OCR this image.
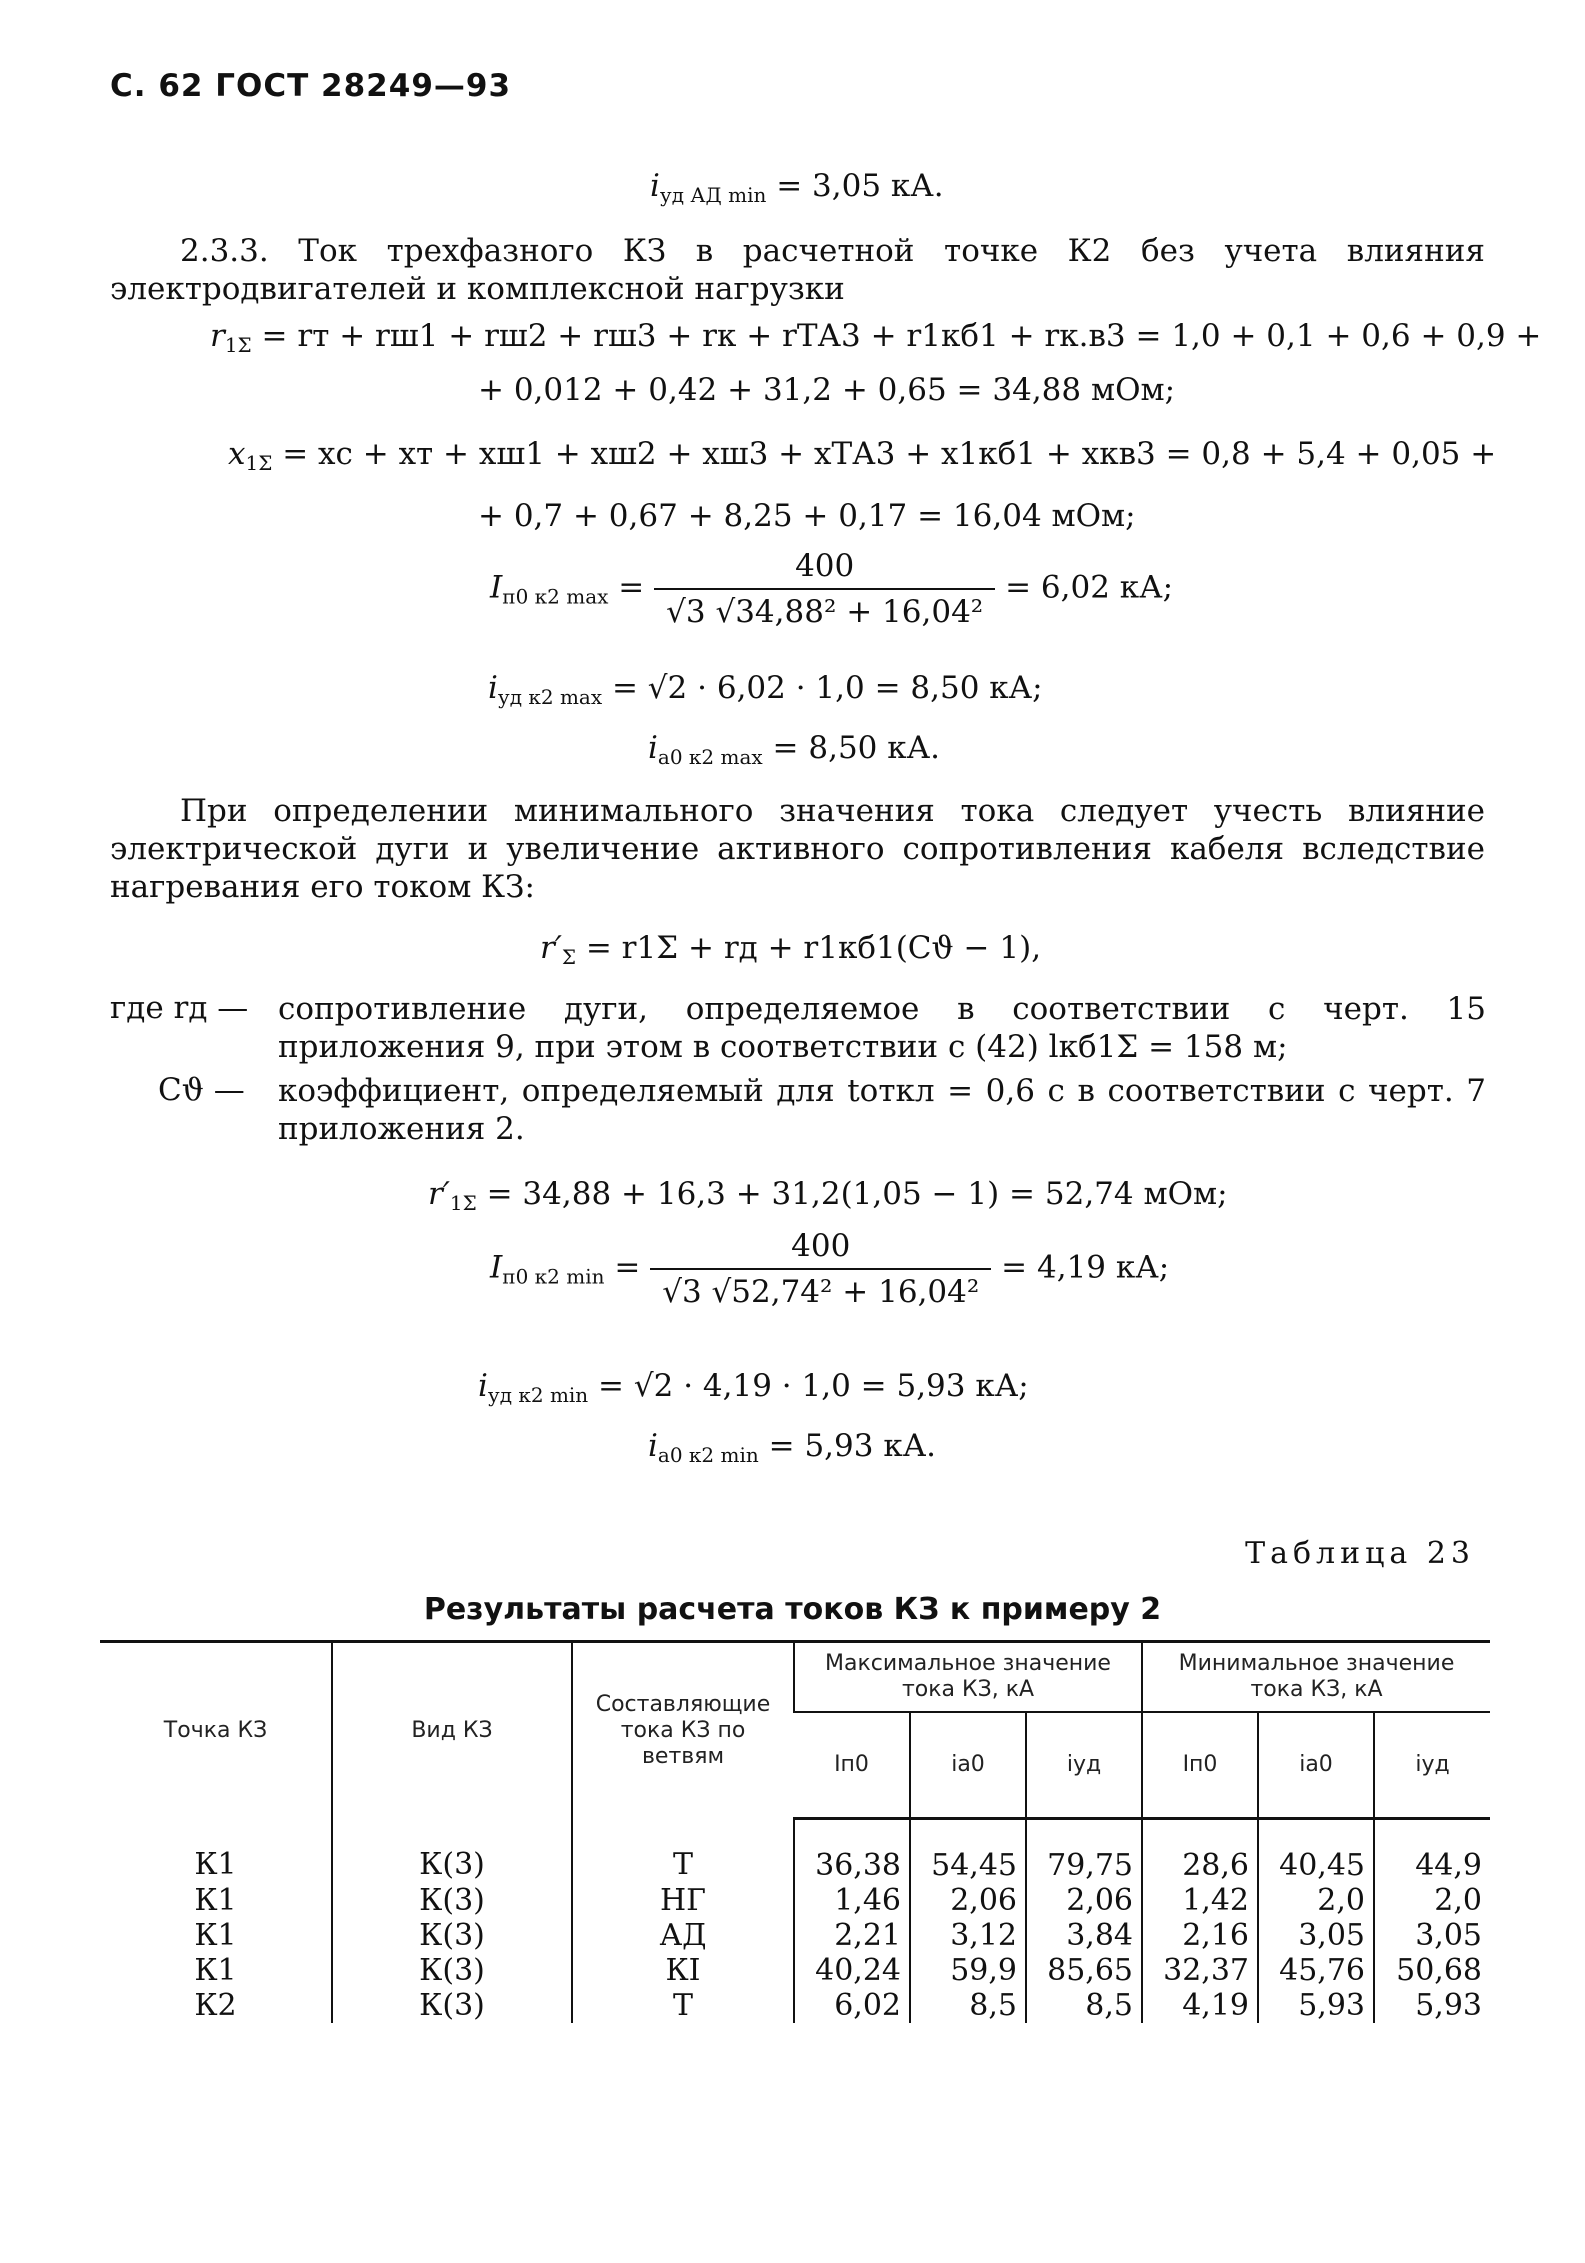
С. 62 ГОСТ 28249—93
$i_{уд АД min} = 3,05$ кА.
2.3.3. Ток трехфазного КЗ в расчетной точке К2 без учета влияния электродвигателей и комплексной нагрузки
$r_{1\Sigma}$ = rт + rш1 + rш2 + rш3 + rк + rТА3 + r1кб1 + rк.в3 = 1,0 + 0,1 + 0,6 + 0,9 +
+ 0,012 + 0,42 + 31,2 + 0,65 = 34,88 мОм;
$x_{1\Sigma}$ = xс + xт + xш1 + xш2 + xш3 + xТА3 + x1кб1 + xкв3 = 0,8 + 5,4 + 0,05 +
+ 0,7 + 0,67 + 8,25 + 0,17 = 16,04 мОм;
$I_{п0 к2 max} = \frac{400}{\text{√3 √34,88² + 16,04²}} = 6,02$ кА;
$i_{уд к2 max} = √2 \cdot 6,02 \cdot 1,0 = 8,50$ кА;
$i_{а0 к2 max} = 8,50$ кА.
При определении минимального значения тока следует учесть влияние электрической дуги и увеличение активного сопротивления кабеля вследствие нагревания его током КЗ:
$r'_\Sigma = r1\Sigma$ + rд + r1кб1(Cϑ − 1),
где rд — сопротивление дуги, определяемое в соответствии с черт. 15 приложения 9, при этом в соответствии с (42) lкб1Σ = 158 м;
Cϑ — коэффициент, определяемый для tоткл = 0,6 с в соответствии с черт. 7 приложения 2.
$r'_{1\Sigma} = 34,88 + 16,3 + 31,2(1,05 - 1) = 52,74$ мОм;
$I_{п0 к2 min} = \frac{400}{\text{√3 √52,74² + 16,04²}} = 4,19$ кА;
$i_{уд к2 min} = √2 \cdot 4,19 \cdot 1,0 = 5,93$ кА;
$i_{а0 к2 min} = 5,93$ кА.
Таблица 23
Результаты расчета токов КЗ к примеру 2
Точка КЗ	Вид КЗ	Составляющие тока КЗ по ветвям	Максимальное значение тока КЗ, кА			Минимальное значение тока КЗ, кА		
			Iп0	iа0	iуд	Iп0	iа0	iуд
К1	К(3)	Т	36,38	54,45	79,75	28,6	40,45	44,9
К1	К(3)	НГ	1,46	2,06	2,06	1,42	2,0	2,0
К1	К(3)	АД	2,21	3,12	3,84	2,16	3,05	3,05
К1	К(3)	КI	40,24	59,9	85,65	32,37	45,76	50,68
К2	К(3)	Т	6,02	8,5	8,5	4,19	5,93	5,93
